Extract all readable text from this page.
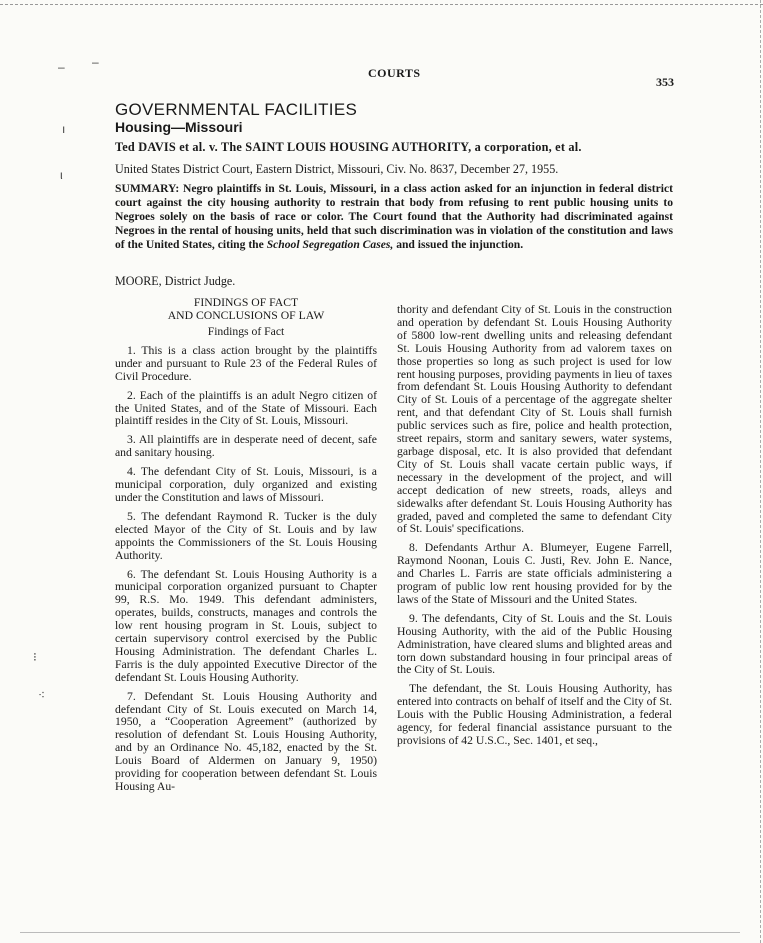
– –
ı
ι
⁝
⁖
COURTS
353
GOVERNMENTAL FACILITIES
Housing—Missouri
Ted DAVIS et al. v. The SAINT LOUIS HOUSING AUTHORITY, a corporation, et al.
United States District Court, Eastern District, Missouri, Civ. No. 8637, December 27, 1955.
SUMMARY: Negro plaintiffs in St. Louis, Missouri, in a class action asked for an injunction in federal district court against the city housing authority to restrain that body from refusing to rent public housing units to Negroes solely on the basis of race or color. The Court found that the Authority had discriminated against Negroes in the rental of housing units, held that such discrimination was in violation of the constitution and laws of the United States, citing the School Segregation Cases, and issued the injunction.
MOORE, District Judge.

FINDINGS OF FACT

AND CONCLUSIONS OF LAW

Findings of Fact

1. This is a class action brought by the plaintiffs under and pursuant to Rule 23 of the Federal Rules of Civil Procedure.

2. Each of the plaintiffs is an adult Negro citizen of the United States, and of the State of Missouri. Each plaintiff resides in the City of St. Louis, Missouri.

3. All plaintiffs are in desperate need of decent, safe and sanitary housing.

4. The defendant City of St. Louis, Missouri, is a municipal corporation, duly organized and existing under the Constitution and laws of Missouri.

5. The defendant Raymond R. Tucker is the duly elected Mayor of the City of St. Louis and by law appoints the Commissioners of the St. Louis Housing Authority.

6. The defendant St. Louis Housing Authority is a municipal corporation organized pursuant to Chapter 99, R.S. Mo. 1949. This defendant administers, operates, builds, constructs, manages and controls the low rent housing program in St. Louis, subject to certain supervisory control exercised by the Public Housing Administration. The defendant Charles L. Farris is the duly appointed Executive Director of the defendant St. Louis Housing Authority.

7. Defendant St. Louis Housing Authority and defendant City of St. Louis executed on March 14, 1950, a “Cooperation Agreement” (authorized by resolution of defendant St. Louis Housing Authority, and by an Ordinance No. 45,182, enacted by the St. Louis Board of Aldermen on January 9, 1950) providing for cooperation between defendant St. Louis Housing Au-

thority and defendant City of St. Louis in the construction and operation by defendant St. Louis Housing Authority of 5800 low-rent dwelling units and releasing defendant St. Louis Housing Authority from ad valorem taxes on those properties so long as such project is used for low rent housing purposes, providing payments in lieu of taxes from defendant St. Louis Housing Authority to defendant City of St. Louis of a percentage of the aggregate shelter rent, and that defendant City of St. Louis shall furnish public services such as fire, police and health protection, street repairs, storm and sanitary sewers, water systems, garbage disposal, etc. It is also provided that defendant City of St. Louis shall vacate certain public ways, if necessary in the development of the project, and will accept dedication of new streets, roads, alleys and sidewalks after defendant St. Louis Housing Authority has graded, paved and completed the same to defendant City of St. Louis' specifications.

8. Defendants Arthur A. Blumeyer, Eugene Farrell, Raymond Noonan, Louis C. Justi, Rev. John E. Nance, and Charles L. Farris are state officials administering a program of public low rent housing provided for by the laws of the State of Missouri and the United States.

9. The defendants, City of St. Louis and the St. Louis Housing Authority, with the aid of the Public Housing Administration, have cleared slums and blighted areas and torn down substandard housing in four principal areas of the City of St. Louis.

The defendant, the St. Louis Housing Authority, has entered into contracts on behalf of itself and the City of St. Louis with the Public Housing Administration, a federal agency, for federal financial assistance pursuant to the provisions of 42 U.S.C., Sec. 1401, et seq.,
